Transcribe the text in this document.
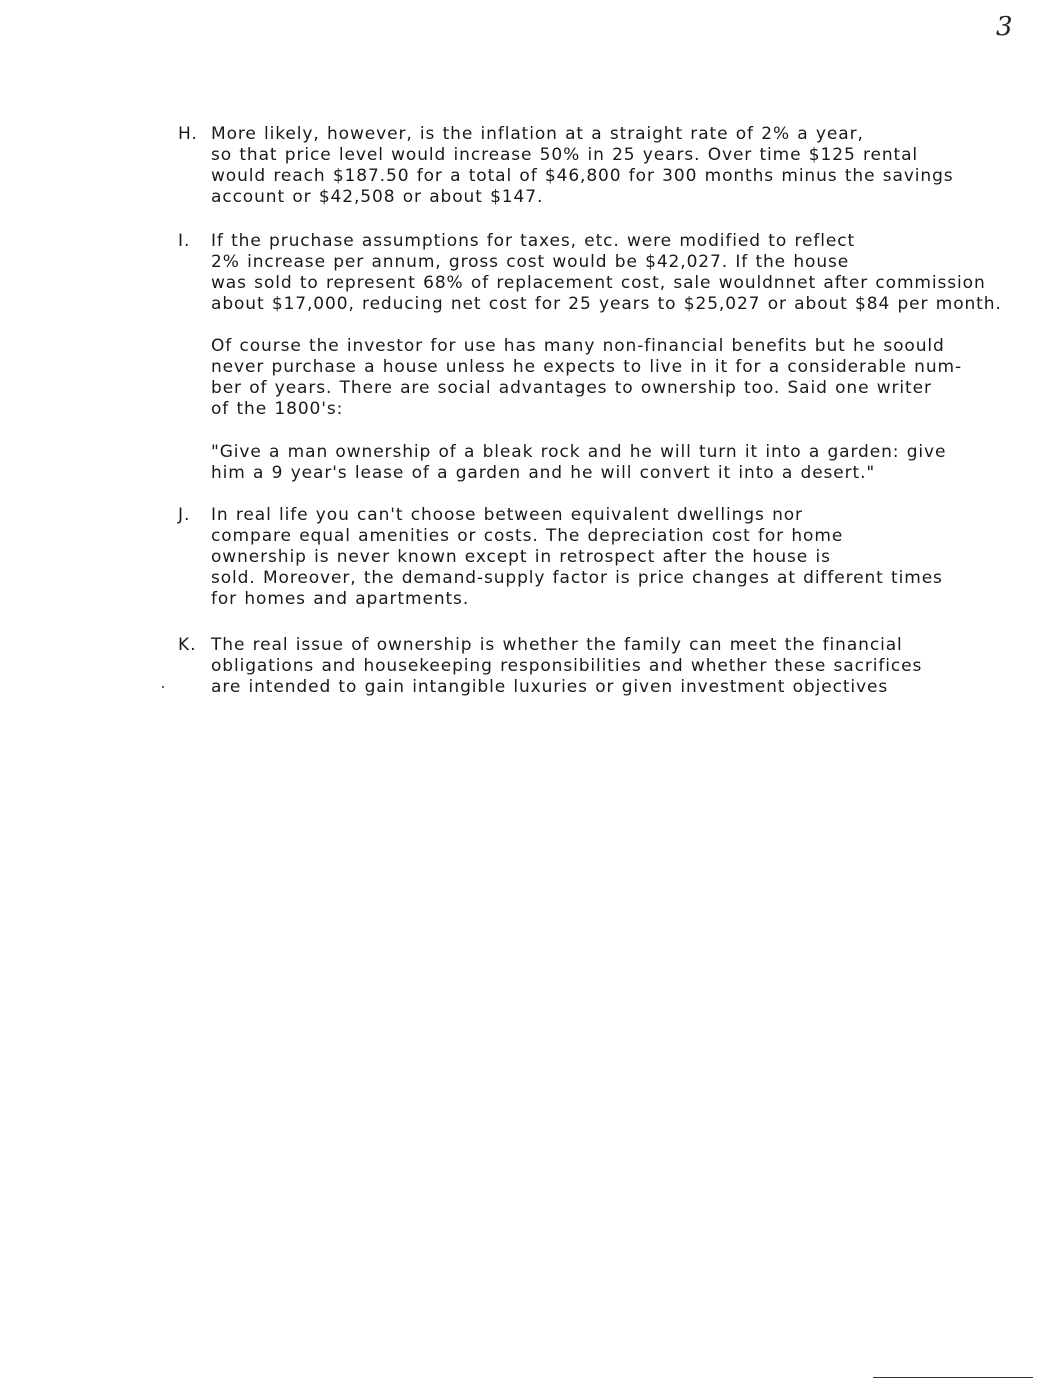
3
H. More likely, however, is the inflation at a straight rate of 2% a year,
so that price level would increase 50% in 25 years. Over time $125 rental
would reach $187.50 for a total of $46,800 for 300 months minus the savings
account or $42,508 or about $147.
I.	If the pruchase assumptions for taxes, etc. were modified to reflect
2% increase per annum, gross cost would be $42,027. If the house
was sold to represent 68% of replacement cost, sale wouldnnet after commission
about $17,000, reducing net cost for 25 years to $25,027 or about $84 per month.
Of course the investor for use has many non-financial benefits but he soould
never purchase a house unless he expects to live in it for a considerable num-
ber of years. There are social advantages to ownership too. Said one writer
of the 1800's:
"Give a man ownership of a bleak rock and he will turn it into a garden: give
him a 9 year's lease of a garden and he will convert it into a desert."
J.	In real life you can't choose between equivalent dwellings nor
compare equal amenities or costs. The depreciation cost for home
ownership is never known except in retrospect after the house is
sold. Moreover, the demand-supply factor is price changes at different times
for homes and apartments.
K. The real issue of ownership is whether the family can meet the financial
obligations and housekeeping responsibilities and whether these sacrifices
are intended to gain intangible luxuries or given investment objectives
